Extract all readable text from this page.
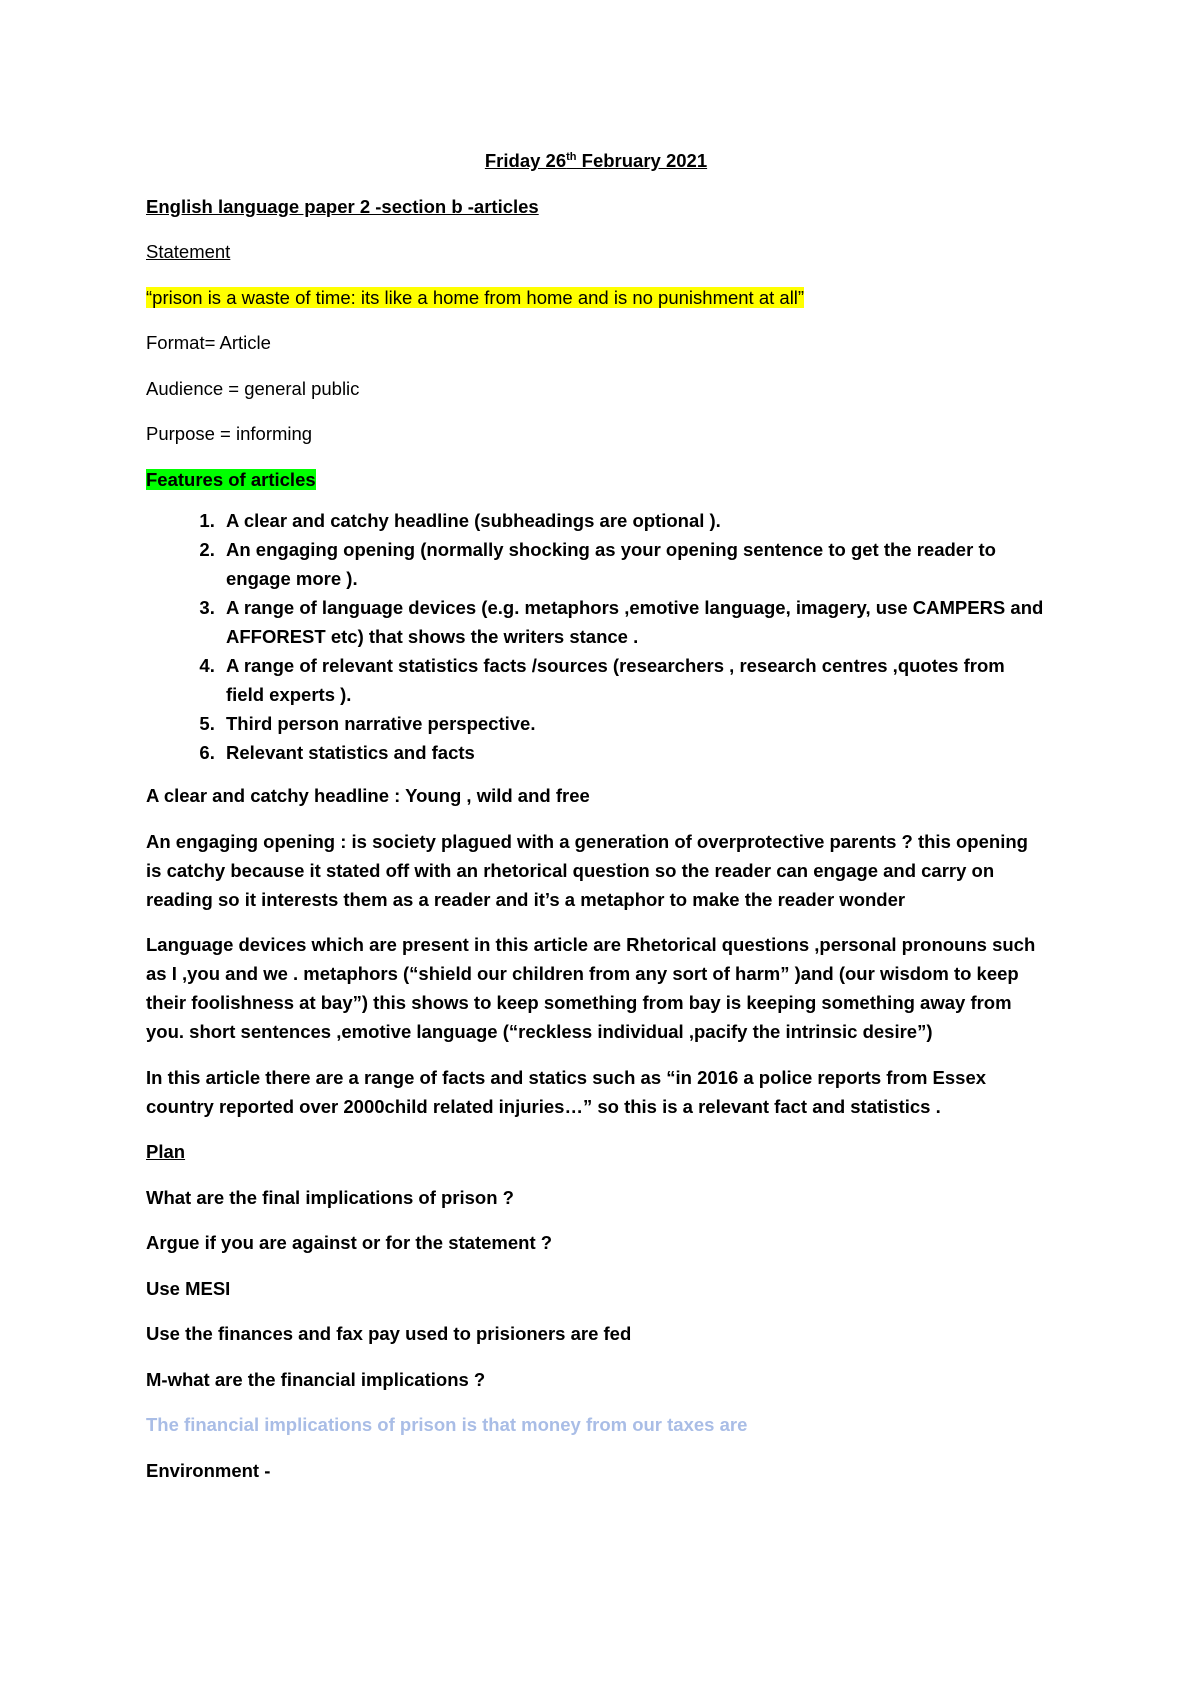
Friday 26th February 2021

English language paper 2 -section b -articles

Statement

“prison is a waste of time: its like a home from home and is no punishment at all”

Format= Article

Audience = general public

Purpose = informing

Features of articles

1. A clear and catchy headline (subheadings are optional ).
2. An engaging opening (normally shocking as your opening sentence to get the reader to engage more ).
3. A range of language devices (e.g. metaphors ,emotive language, imagery, use CAMPERS and AFFOREST etc) that shows the writers stance .
4. A range of relevant statistics facts /sources (researchers , research centres ,quotes from field experts ).
5. Third person narrative perspective.
6. Relevant statistics and facts

A clear and catchy headline : Young , wild and free

An engaging opening : is society plagued with a generation of overprotective parents ? this opening is catchy because it stated off with an rhetorical question so the reader can engage and carry on reading so it interests them as a reader and it’s a metaphor to make the reader wonder

Language devices which are present in this article are Rhetorical questions ,personal pronouns such as I ,you and we . metaphors (“shield our children from any sort of harm” )and (our wisdom to keep their foolishness at bay”) this shows to keep something from bay is keeping something away from you. short sentences ,emotive language (“reckless individual ,pacify the intrinsic desire”)

In this article there are a range of facts and statics such as “in 2016 a police reports from Essex country reported over 2000child related injuries…” so this is a relevant fact and statistics .

Plan

What are the final implications of prison ?

Argue if you are against or for the statement ?

Use MESI

Use the finances and fax pay used to prisioners are fed

M-what are the financial implications ?

The financial implications of prison is that money from our taxes are

Environment -
